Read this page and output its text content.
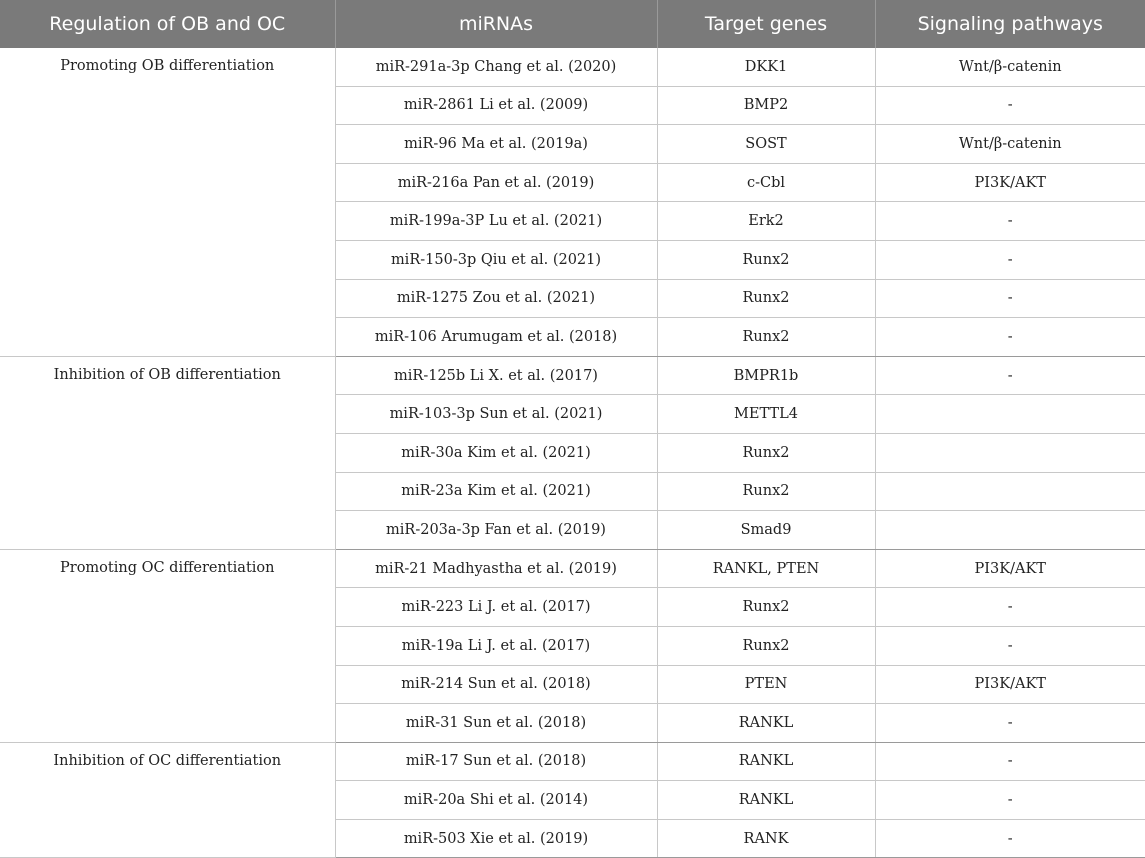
Regulation of OB and OC	miRNAs	Target genes	Signaling pathways
Promoting OB differentiation	miR-291a-3p Chang et al. (2020)	DKK1	Wnt/β-catenin
	miR-2861 Li et al. (2009)	BMP2	-
	miR-96 Ma et al. (2019a)	SOST	Wnt/β-catenin
	miR-216a Pan et al. (2019)	c-Cbl	PI3K/AKT
	miR-199a-3P Lu et al. (2021)	Erk2	-
	miR-150-3p Qiu et al. (2021)	Runx2	-
	miR-1275 Zou et al. (2021)	Runx2	-
	miR-106 Arumugam et al. (2018)	Runx2	-
Inhibition of OB differentiation	miR-125b Li X. et al. (2017)	BMPR1b	-
	miR-103-3p Sun et al. (2021)	METTL4	
	miR-30a Kim et al. (2021)	Runx2	
	miR-23a Kim et al. (2021)	Runx2	
	miR-203a-3p Fan et al. (2019)	Smad9	
Promoting OC differentiation	miR-21 Madhyastha et al. (2019)	RANKL, PTEN	PI3K/AKT
	miR-223 Li J. et al. (2017)	Runx2	-
	miR-19a Li J. et al. (2017)	Runx2	-
	miR-214 Sun et al. (2018)	PTEN	PI3K/AKT
	miR-31 Sun et al. (2018)	RANKL	-
Inhibition of OC differentiation	miR-17 Sun et al. (2018)	RANKL	-
	miR-20a Shi et al. (2014)	RANKL	-
	miR-503 Xie et al. (2019)	RANK	-
